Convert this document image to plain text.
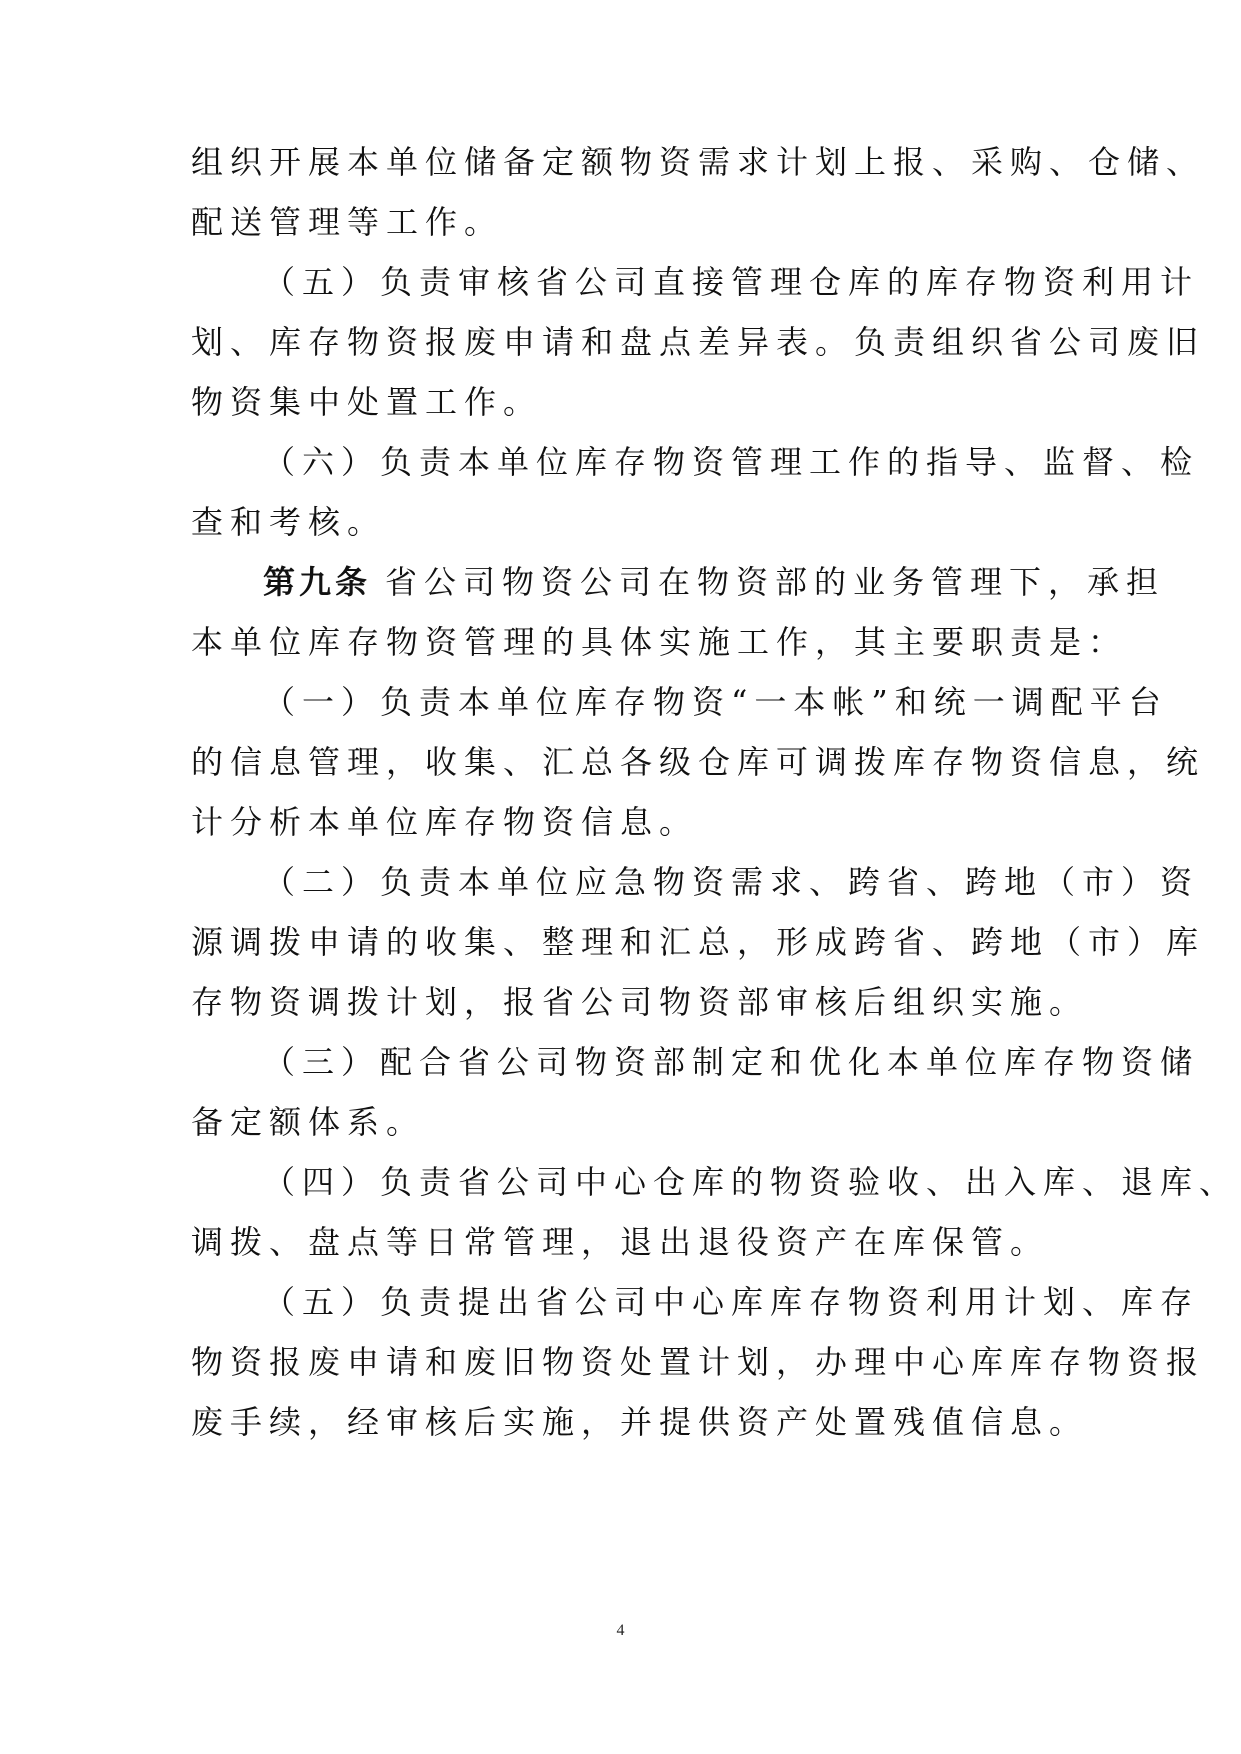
组织开展本单位储备定额物资需求计划上报、采购、仓储、
配送管理等工作。
（五）负责审核省公司直接管理仓库的库存物资利用计
划、库存物资报废申请和盘点差异表。负责组织省公司废旧
物资集中处置工作。
（六）负责本单位库存物资管理工作的指导、监督、检
查和考核。
第九条 省公司物资公司在物资部的业务管理下，承担
本单位库存物资管理的具体实施工作，其主要职责是：
（一）负责本单位库存物资“一本帐”和统一调配平台
的信息管理，收集、汇总各级仓库可调拨库存物资信息，统
计分析本单位库存物资信息。
（二）负责本单位应急物资需求、跨省、跨地（市）资
源调拨申请的收集、整理和汇总，形成跨省、跨地（市）库
存物资调拨计划，报省公司物资部审核后组织实施。
（三）配合省公司物资部制定和优化本单位库存物资储
备定额体系。
（四）负责省公司中心仓库的物资验收、出入库、退库、
调拨、盘点等日常管理，退出退役资产在库保管。
（五）负责提出省公司中心库库存物资利用计划、库存
物资报废申请和废旧物资处置计划，办理中心库库存物资报
废手续，经审核后实施，并提供资产处置残值信息。
4
